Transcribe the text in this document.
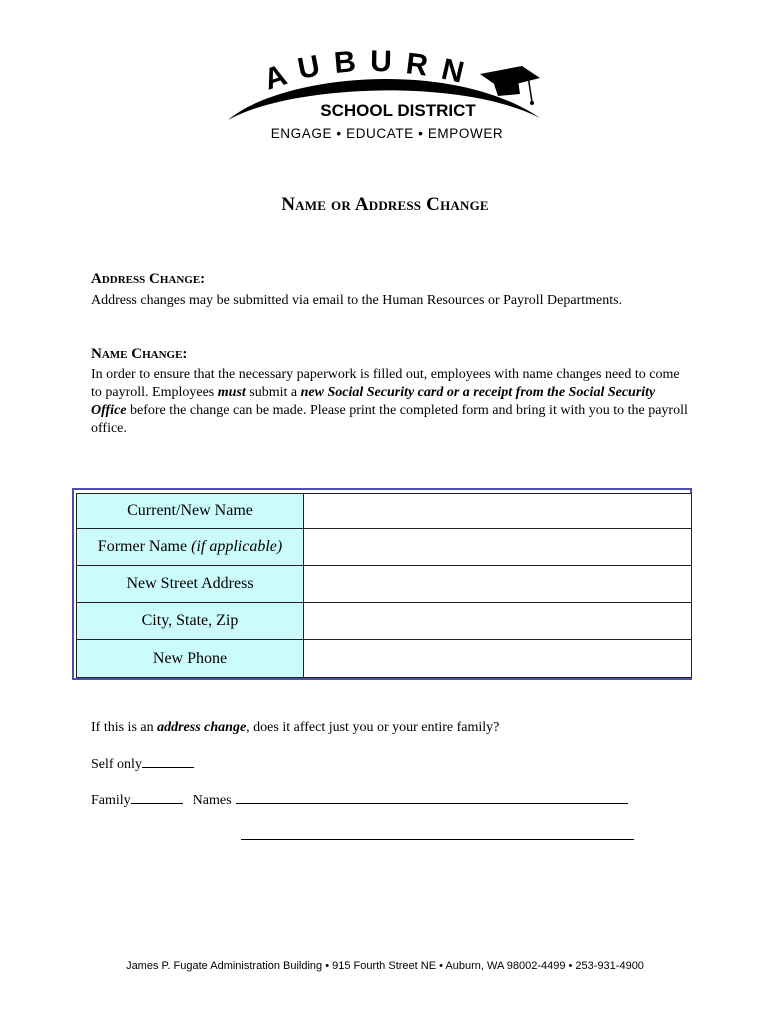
A U B U R N
SCHOOL DISTRICT
ENGAGE • EDUCATE • EMPOWER
Name or Address Change
Address Change:
Address changes may be submitted via email to the Human Resources or Payroll Departments.
Name Change:
In order to ensure that the necessary paperwork is filled out, employees with name changes need to come to payroll. Employees must submit a new Social Security card or a receipt from the Social Security Office before the change can be made. Please print the completed form and bring it with you to the payroll office.
Current/New Name	
Former Name (if applicable)	
New Street Address	
City, State, Zip	
New Phone	
If this is an address change, does it affect just you or your entire family?
Self only
Family	Names
James P. Fugate Administration Building • 915 Fourth Street NE • Auburn, WA 98002-4499 • 253-931-4900
